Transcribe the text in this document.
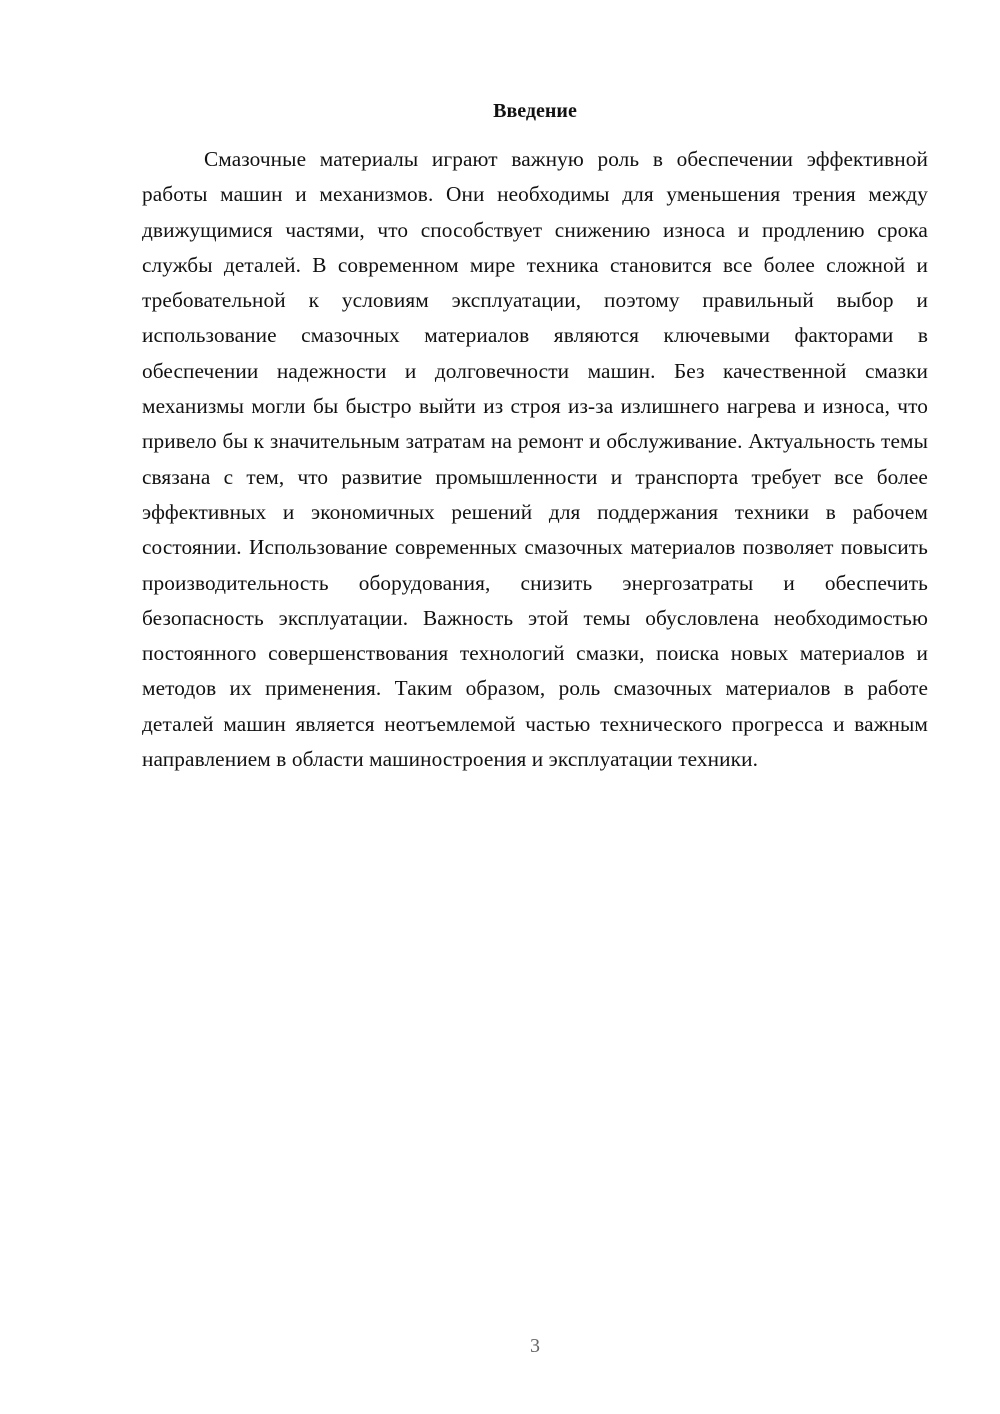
Введение

Смазочные материалы играют важную роль в обеспечении эффективной работы машин и механизмов. Они необходимы для уменьшения трения между движущимися частями, что способствует снижению износа и продлению срока службы деталей. В современном мире техника становится все более сложной и требовательной к условиям эксплуатации, поэтому правильный выбор и использование смазочных материалов являются ключевыми факторами в обеспечении надежности и долговечности машин. Без качественной смазки механизмы могли бы быстро выйти из строя из-за излишнего нагрева и износа, что привело бы к значительным затратам на ремонт и обслуживание. Актуальность темы связана с тем, что развитие промышленности и транспорта требует все более эффективных и экономичных решений для поддержания техники в рабочем состоянии. Использование современных смазочных материалов позволяет повысить производительность оборудования, снизить энергозатраты и обеспечить безопасность эксплуатации. Важность этой темы обусловлена необходимостью постоянного совершенствования технологий смазки, поиска новых материалов и методов их применения. Таким образом, роль смазочных материалов в работе деталей машин является неотъемлемой частью технического прогресса и важным направлением в области машиностроения и эксплуатации техники.

3
